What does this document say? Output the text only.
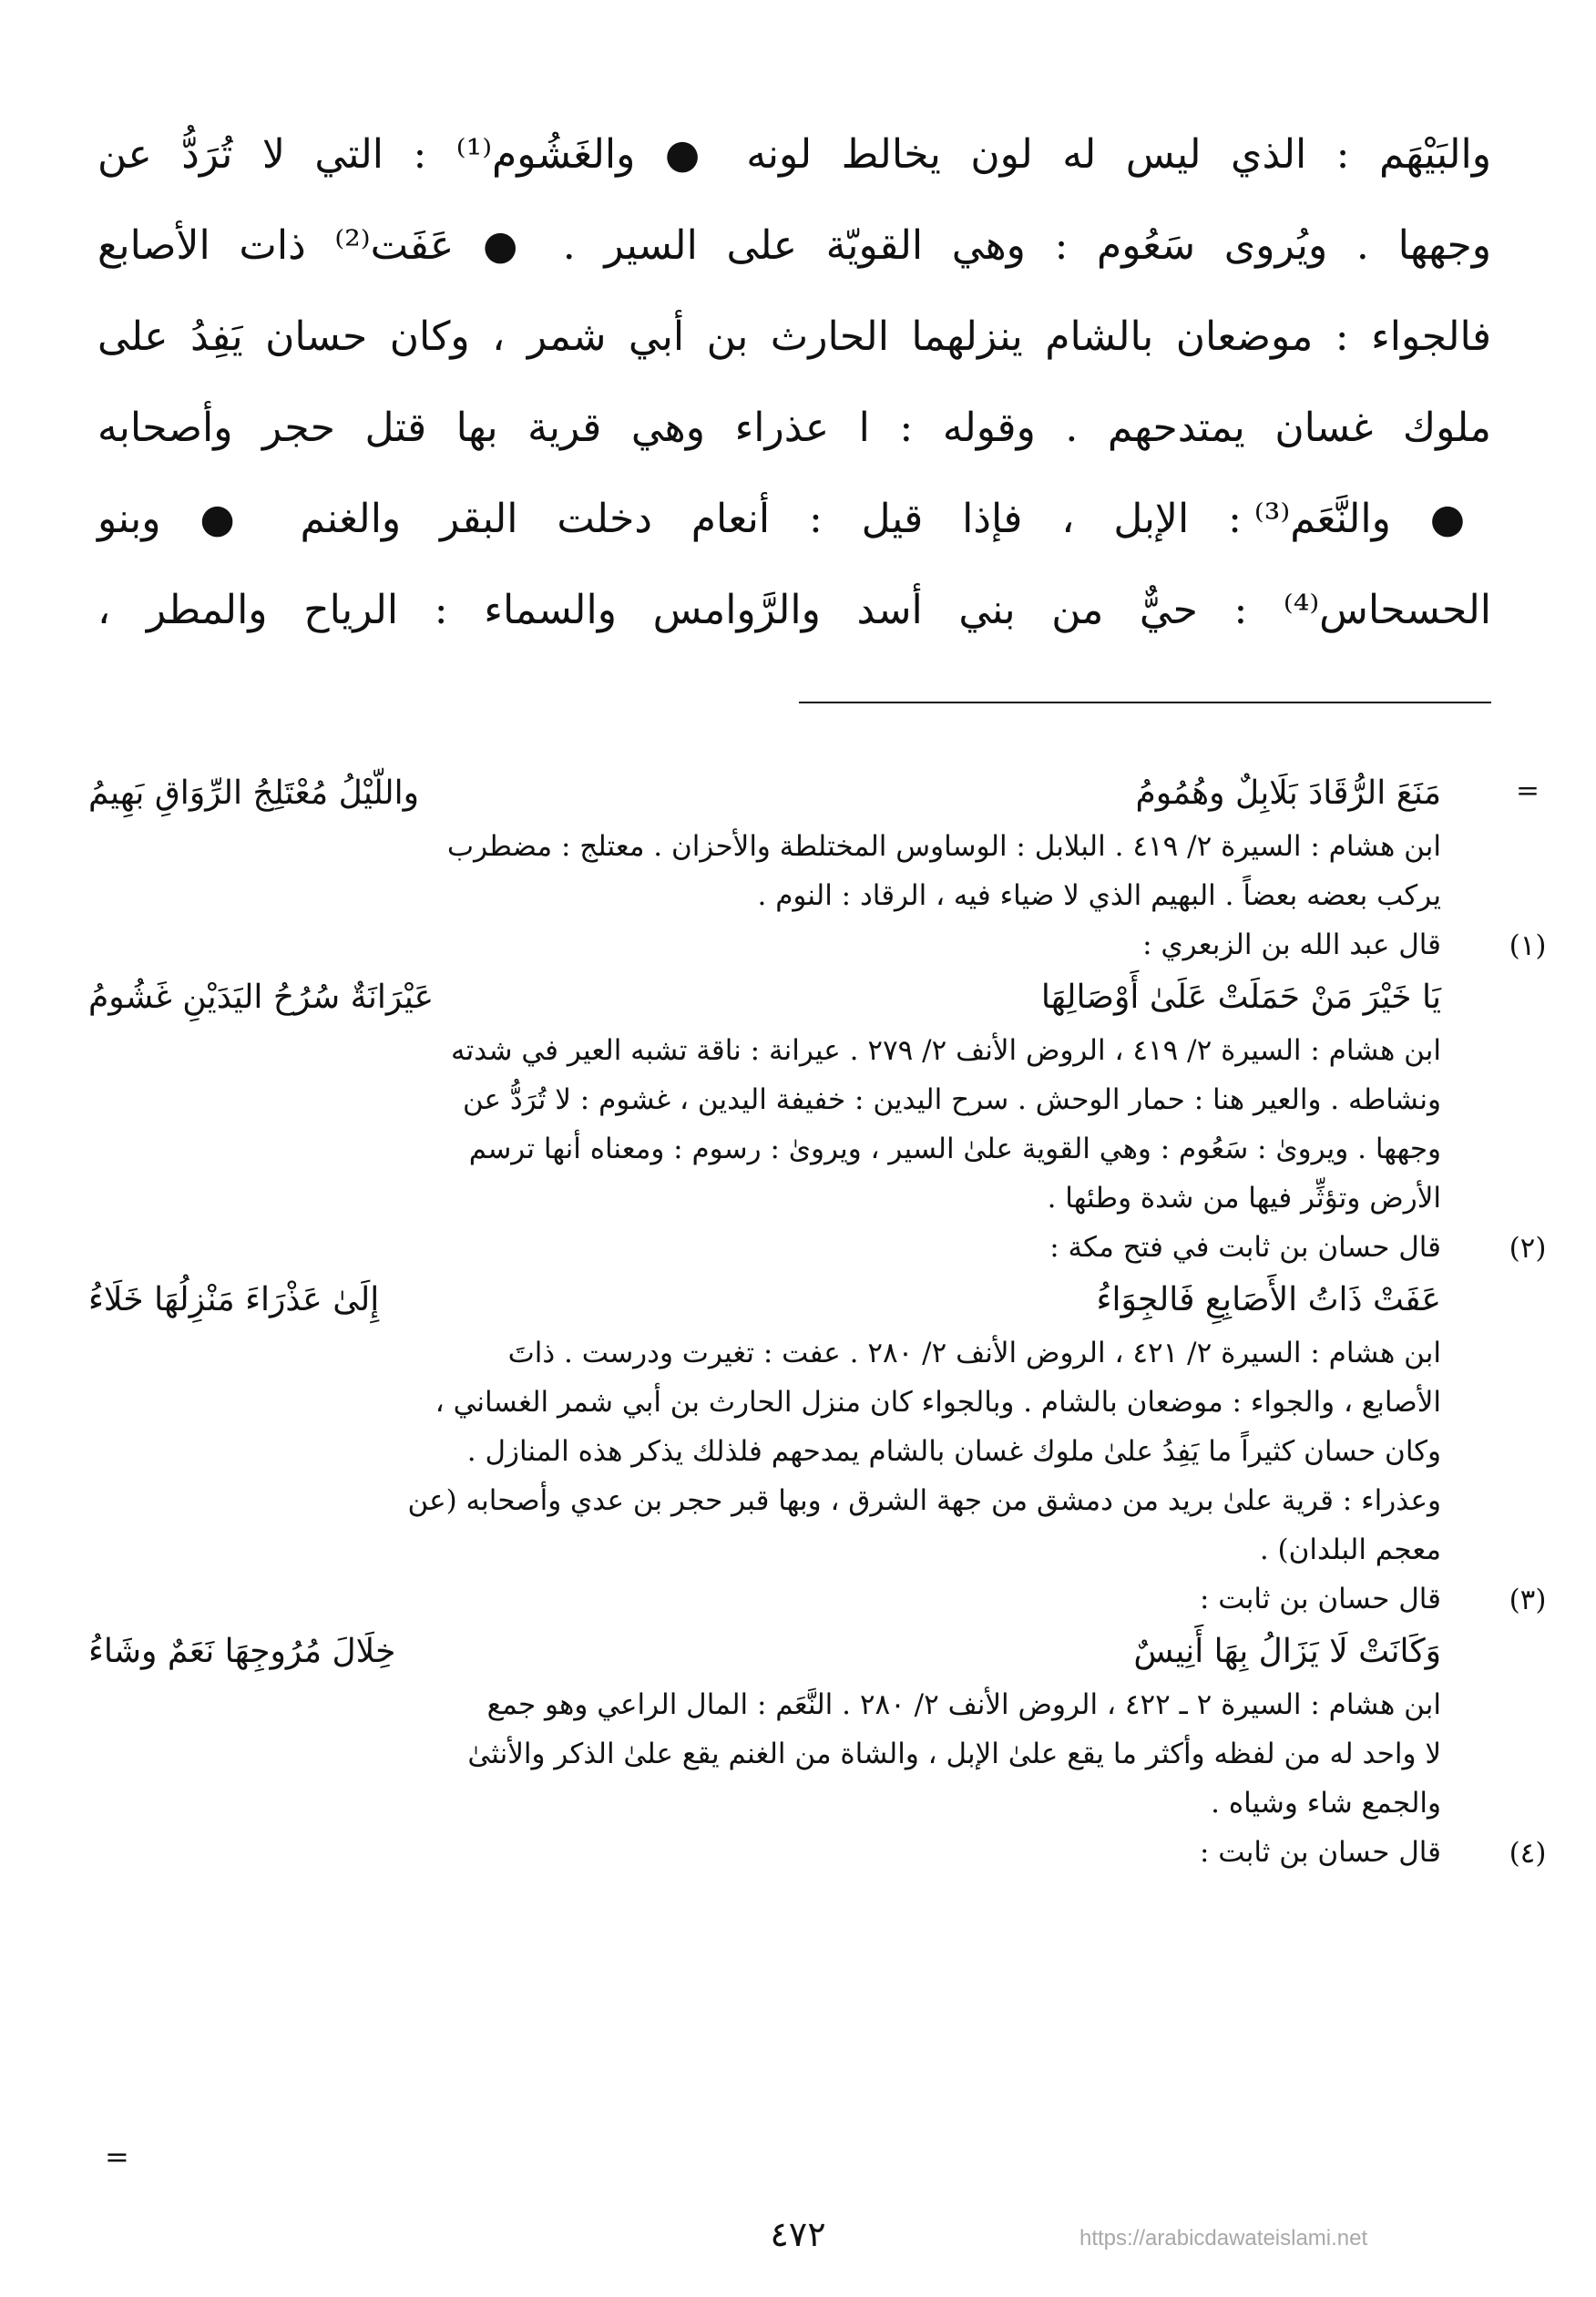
والبَيْهَم : الذي ليس له لون يخالط لونه ● والغَشُوم⁽¹⁾ : التي لا تُرَدُّ عن
وجهها . ويُروى سَعُوم : وهي القويّة على السير . ● عَفَت⁽²⁾ ذات الأصابع
فالجواء : موضعان بالشام ينزلهما الحارث بن أبي شمر ، وكان حسان يَفِدُ على
ملوك غسان يمتدحهم . وقوله : ا عذراء وهي قرية بها قتل حجر وأصحابه
● والنَّعَم⁽³⁾ : الإبل ، فإذا قيل : أنعام دخلت البقر والغنم ● وبنو
الحسحاس⁽⁴⁾ : حيٌّ من بني أسد والرَّوامس والسماء : الرياح والمطر ،
=
مَنَعَ الرُّقَادَ بَلَابِلٌ وهُمُومُ
واللّيْلُ مُعْتَلِجُ الرِّوَاقِ بَهِيمُ
ابن هشام : السيرة ٢/ ٤١٩ . البلابل : الوساوس المختلطة والأحزان . معتلج : مضطرب
يركب بعضه بعضاً . البهيم الذي لا ضياء فيه ، الرقاد : النوم .
(١)
قال عبد الله بن الزبعري :
يَا خَيْرَ مَنْ حَمَلَتْ عَلَىٰ أَوْصَالِهَا
عَيْرَانَةٌ سُرُحُ اليَدَيْنِ غَشُومُ
ابن هشام : السيرة ٢/ ٤١٩ ، الروض الأنف ٢/ ٢٧٩ . عيرانة : ناقة تشبه العير في شدته
ونشاطه . والعير هنا : حمار الوحش . سرح اليدين : خفيفة اليدين ، غشوم : لا تُرَدُّ عن
وجهها . ويروىٰ : سَعُوم : وهي القوية علىٰ السير ، ويروىٰ : رسوم : ومعناه أنها ترسم
الأرض وتؤثِّر فيها من شدة وطئها .
(٢)
قال حسان بن ثابت في فتح مكة :
عَفَتْ ذَاتُ الأَصَابِعِ فَالجِوَاءُ
إِلَىٰ عَذْرَاءَ مَنْزِلُهَا خَلَاءُ
ابن هشام : السيرة ٢/ ٤٢١ ، الروض الأنف ٢/ ٢٨٠ . عفت : تغيرت ودرست . ذاتَ
الأصابع ، والجواء : موضعان بالشام . وبالجواء كان منزل الحارث بن أبي شمر الغساني ،
وكان حسان كثيراً ما يَفِدُ علىٰ ملوك غسان بالشام يمدحهم فلذلك يذكر هذه المنازل .
وعذراء : قرية علىٰ بريد من دمشق من جهة الشرق ، وبها قبر حجر بن عدي وأصحابه (عن
معجم البلدان) .
(٣)
قال حسان بن ثابت :
وَكَانَتْ لَا يَزَالُ بِهَا أَنِيسٌ
خِلَالَ مُرُوجِهَا نَعَمٌ وشَاءُ
ابن هشام : السيرة ٢ ـ ٤٢٢ ، الروض الأنف ٢/ ٢٨٠ . النَّعَم : المال الراعي وهو جمع
لا واحد له من لفظه وأكثر ما يقع علىٰ الإبل ، والشاة من الغنم يقع علىٰ الذكر والأنثىٰ
والجمع شاء وشياه .
(٤)
قال حسان بن ثابت :
=
٤٧٢	https://arabicdawateislami.net
